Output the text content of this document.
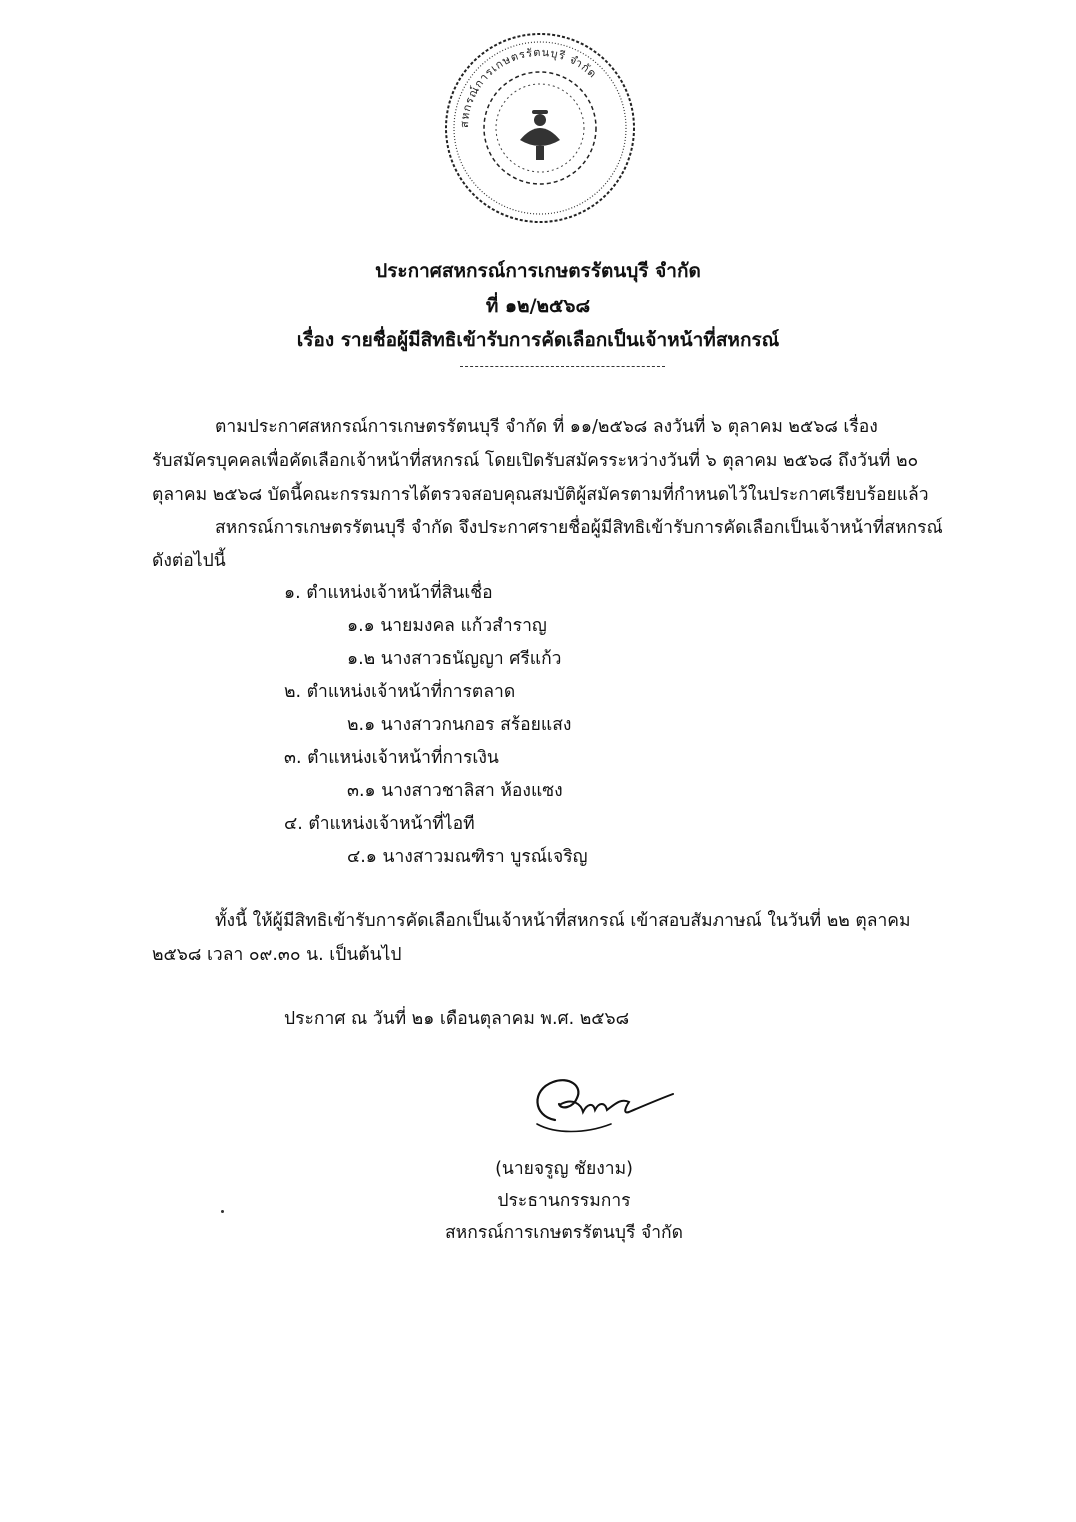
สหกรณ์การเกษตรรัตนบุรี จำกัด
ประกาศสหกรณ์การเกษตรรัตนบุรี จำกัด
ที่ ๑๒/๒๕๖๘
เรื่อง รายชื่อผู้มีสิทธิเข้ารับการคัดเลือกเป็นเจ้าหน้าที่สหกรณ์
ตามประกาศสหกรณ์การเกษตรรัตนบุรี จำกัด ที่ ๑๑/๒๕๖๘ ลงวันที่ ๖ ตุลาคม ๒๕๖๘ เรื่อง
รับสมัครบุคคลเพื่อคัดเลือกเจ้าหน้าที่สหกรณ์ โดยเปิดรับสมัครระหว่างวันที่ ๖ ตุลาคม ๒๕๖๘ ถึงวันที่ ๒๐
ตุลาคม ๒๕๖๘ บัดนี้คณะกรรมการได้ตรวจสอบคุณสมบัติผู้สมัครตามที่กำหนดไว้ในประกาศเรียบร้อยแล้ว
สหกรณ์การเกษตรรัตนบุรี จำกัด จึงประกาศรายชื่อผู้มีสิทธิเข้ารับการคัดเลือกเป็นเจ้าหน้าที่สหกรณ์
ดังต่อไปนี้
๑. ตำแหน่งเจ้าหน้าที่สินเชื่อ
๑.๑ นายมงคล แก้วสำราญ
๑.๒ นางสาวธนัญญา ศรีแก้ว
๒. ตำแหน่งเจ้าหน้าที่การตลาด
๒.๑ นางสาวกนกอร สร้อยแสง
๓. ตำแหน่งเจ้าหน้าที่การเงิน
๓.๑ นางสาวชาลิสา ห้องแซง
๔. ตำแหน่งเจ้าหน้าที่ไอที
๔.๑ นางสาวมณฑิรา บูรณ์เจริญ
ทั้งนี้ ให้ผู้มีสิทธิเข้ารับการคัดเลือกเป็นเจ้าหน้าที่สหกรณ์ เข้าสอบสัมภาษณ์ ในวันที่ ๒๒ ตุลาคม
๒๕๖๘ เวลา ๐๙.๓๐ น. เป็นต้นไป
ประกาศ ณ วันที่ ๒๑ เดือนตุลาคม พ.ศ. ๒๕๖๘
(นายจรูญ ชัยงาม)
ประธานกรรมการ
สหกรณ์การเกษตรรัตนบุรี จำกัด
